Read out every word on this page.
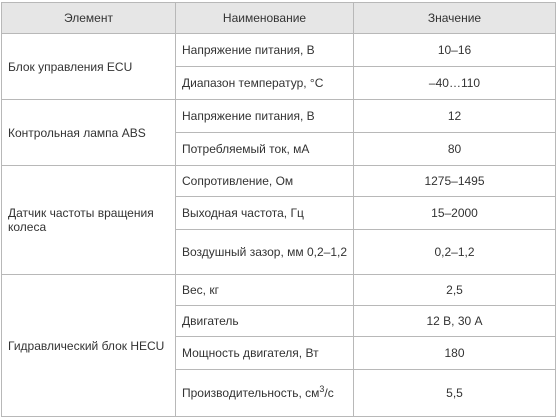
Элемент	Наименование	Значение
Блок управления ECU	Напряжение питания, В	10–16
	Диапазон температур, °С	–40…110
Контрольная лампа ABS	Напряжение питания, В	12
	Потребляемый ток, мА	80
Датчик частоты вращения колеса	Сопротивление, Ом	1275–1495
	Выходная частота, Гц	15–2000
	Воздушный зазор, мм 0,2–1,2	0,2–1,2
Гидравлический блок HECU	Вес, кг	2,5
	Двигатель	12 В, 30 А
	Мощность двигателя, Вт	180
	Производительность, $см^3/с$	5,5
